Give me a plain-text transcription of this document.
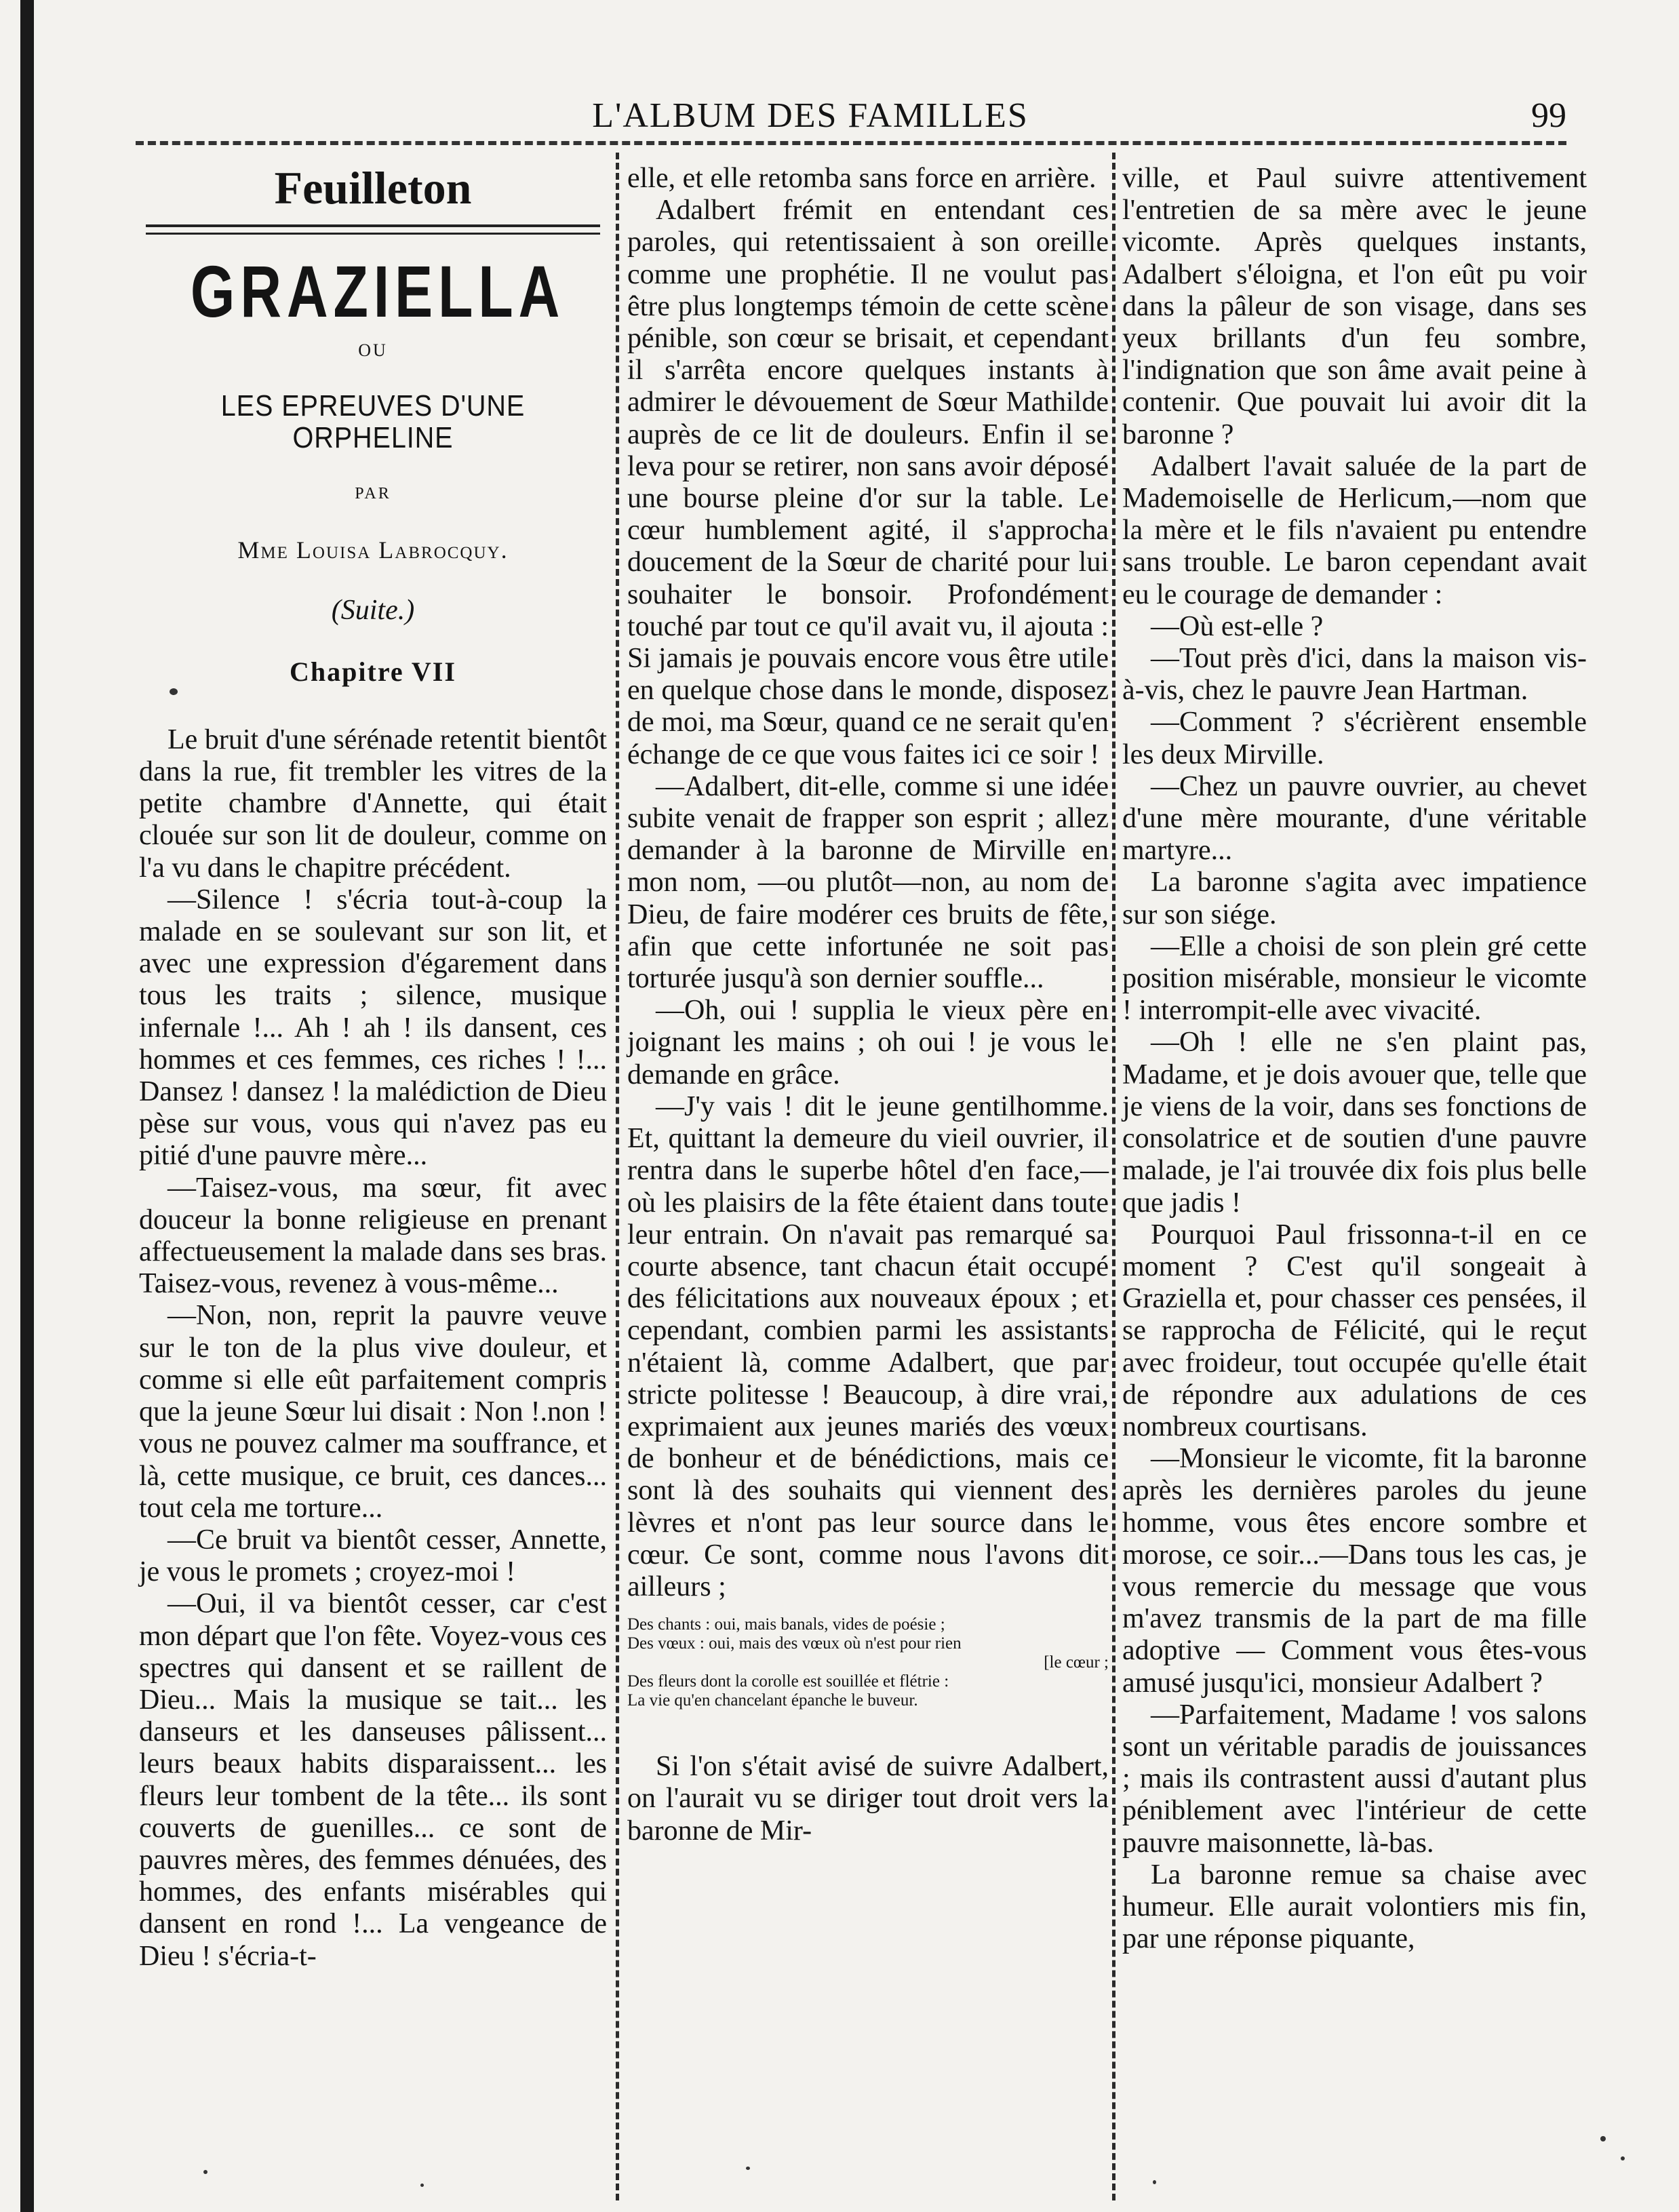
L'ALBUM DES FAMILLES	99
Feuilleton
GRAZIELLA
OU
LES EPREUVES D'UNE ORPHELINE
PAR
Mme Louisa Labrocquy.
(Suite.)
Chapitre VII

Le bruit d'une sérénade retentit bientôt dans la rue, fit trembler les vitres de la petite chambre d'Annette, qui était clouée sur son lit de douleur, comme on l'a vu dans le chapitre précédent.

—Silence ! s'écria tout-à-coup la malade en se soulevant sur son lit, et avec une expression d'égarement dans tous les traits ; silence, musique infernale !... Ah ! ah ! ils dansent, ces hommes et ces femmes, ces riches ! !... Dansez ! dansez ! la malédiction de Dieu pèse sur vous, vous qui n'avez pas eu pitié d'une pauvre mère...

—Taisez-vous, ma sœur, fit avec douceur la bonne religieuse en prenant affectueusement la malade dans ses bras. Taisez-vous, revenez à vous-même...

—Non, non, reprit la pauvre veuve sur le ton de la plus vive douleur, et comme si elle eût parfaitement compris que la jeune Sœur lui disait : Non !.non ! vous ne pouvez calmer ma souffrance, et là, cette musique, ce bruit, ces dances... tout cela me torture...

—Ce bruit va bientôt cesser, Annette, je vous le promets ; croyez-moi !

—Oui, il va bientôt cesser, car c'est mon départ que l'on fête. Voyez-vous ces spectres qui dansent et se raillent de Dieu... Mais la musique se tait... les danseurs et les danseuses pâlissent... leurs beaux habits disparaissent... les fleurs leur tombent de la tête... ils sont couverts de guenilles... ce sont de pauvres mères, des femmes dénuées, des hommes, des enfants misérables qui dansent en rond !... La vengeance de Dieu ! s'écria-t-

elle, et elle retomba sans force en arrière.

Adalbert frémit en entendant ces paroles, qui retentissaient à son oreille comme une prophétie. Il ne voulut pas être plus longtemps témoin de cette scène pénible, son cœur se brisait, et cependant il s'arrêta encore quelques instants à admirer le dévouement de Sœur Mathilde auprès de ce lit de douleurs. Enfin il se leva pour se retirer, non sans avoir déposé une bourse pleine d'or sur la table. Le cœur humblement agité, il s'approcha doucement de la Sœur de charité pour lui souhaiter le bonsoir. Profondément touché par tout ce qu'il avait vu, il ajouta : Si jamais je pouvais encore vous être utile en quelque chose dans le monde, disposez de moi, ma Sœur, quand ce ne serait qu'en échange de ce que vous faites ici ce soir !

—Adalbert, dit-elle, comme si une idée subite venait de frapper son esprit ; allez demander à la baronne de Mirville en mon nom, —ou plutôt—non, au nom de Dieu, de faire modérer ces bruits de fête, afin que cette infortunée ne soit pas torturée jusqu'à son dernier souffle...

—Oh, oui ! supplia le vieux père en joignant les mains ; oh oui ! je vous le demande en grâce.

—J'y vais ! dit le jeune gentilhomme. Et, quittant la demeure du vieil ouvrier, il rentra dans le superbe hôtel d'en face,—où les plaisirs de la fête étaient dans toute leur entrain. On n'avait pas remarqué sa courte absence, tant chacun était occupé des félicitations aux nouveaux époux ; et cependant, combien parmi les assistants n'étaient là, comme Adalbert, que par stricte politesse ! Beaucoup, à dire vrai, exprimaient aux jeunes mariés des vœux de bonheur et de bénédictions, mais ce sont là des souhaits qui viennent des lèvres et n'ont pas leur source dans le cœur. Ce sont, comme nous l'avons dit ailleurs ;

Des chants : oui, mais banals, vides de poésie ;
Des vœux : oui, mais des vœux où n'est pour rien
[le cœur ;
Des fleurs dont la corolle est souillée et flétrie :
La vie qu'en chancelant épanche le buveur.

Si l'on s'était avisé de suivre Adalbert, on l'aurait vu se diriger tout droit vers la baronne de Mir-

ville, et Paul suivre attentivement l'entretien de sa mère avec le jeune vicomte. Après quelques instants, Adalbert s'éloigna, et l'on eût pu voir dans la pâleur de son visage, dans ses yeux brillants d'un feu sombre, l'indignation que son âme avait peine à contenir. Que pouvait lui avoir dit la baronne ?

Adalbert l'avait saluée de la part de Mademoiselle de Herlicum,—nom que la mère et le fils n'avaient pu entendre sans trouble. Le baron cependant avait eu le courage de demander :

—Où est-elle ?

—Tout près d'ici, dans la maison vis-à-vis, chez le pauvre Jean Hartman.

—Comment ? s'écrièrent ensemble les deux Mirville.

—Chez un pauvre ouvrier, au chevet d'une mère mourante, d'une véritable martyre...

La baronne s'agita avec impatience sur son siége.

—Elle a choisi de son plein gré cette position misérable, monsieur le vicomte ! interrompit-elle avec vivacité.

—Oh ! elle ne s'en plaint pas, Madame, et je dois avouer que, telle que je viens de la voir, dans ses fonctions de consolatrice et de soutien d'une pauvre malade, je l'ai trouvée dix fois plus belle que jadis !

Pourquoi Paul frissonna-t-il en ce moment ? C'est qu'il songeait à Graziella et, pour chasser ces pensées, il se rapprocha de Félicité, qui le reçut avec froideur, tout occupée qu'elle était de répondre aux adulations de ces nombreux courtisans.

—Monsieur le vicomte, fit la baronne après les dernières paroles du jeune homme, vous êtes encore sombre et morose, ce soir...—Dans tous les cas, je vous remercie du message que vous m'avez transmis de la part de ma fille adoptive — Comment vous êtes-vous amusé jusqu'ici, monsieur Adalbert ?

—Parfaitement, Madame ! vos salons sont un véritable paradis de jouissances ; mais ils contrastent aussi d'autant plus péniblement avec l'intérieur de cette pauvre maisonnette, là-bas.

La baronne remue sa chaise avec humeur. Elle aurait volontiers mis fin, par une réponse piquante,
